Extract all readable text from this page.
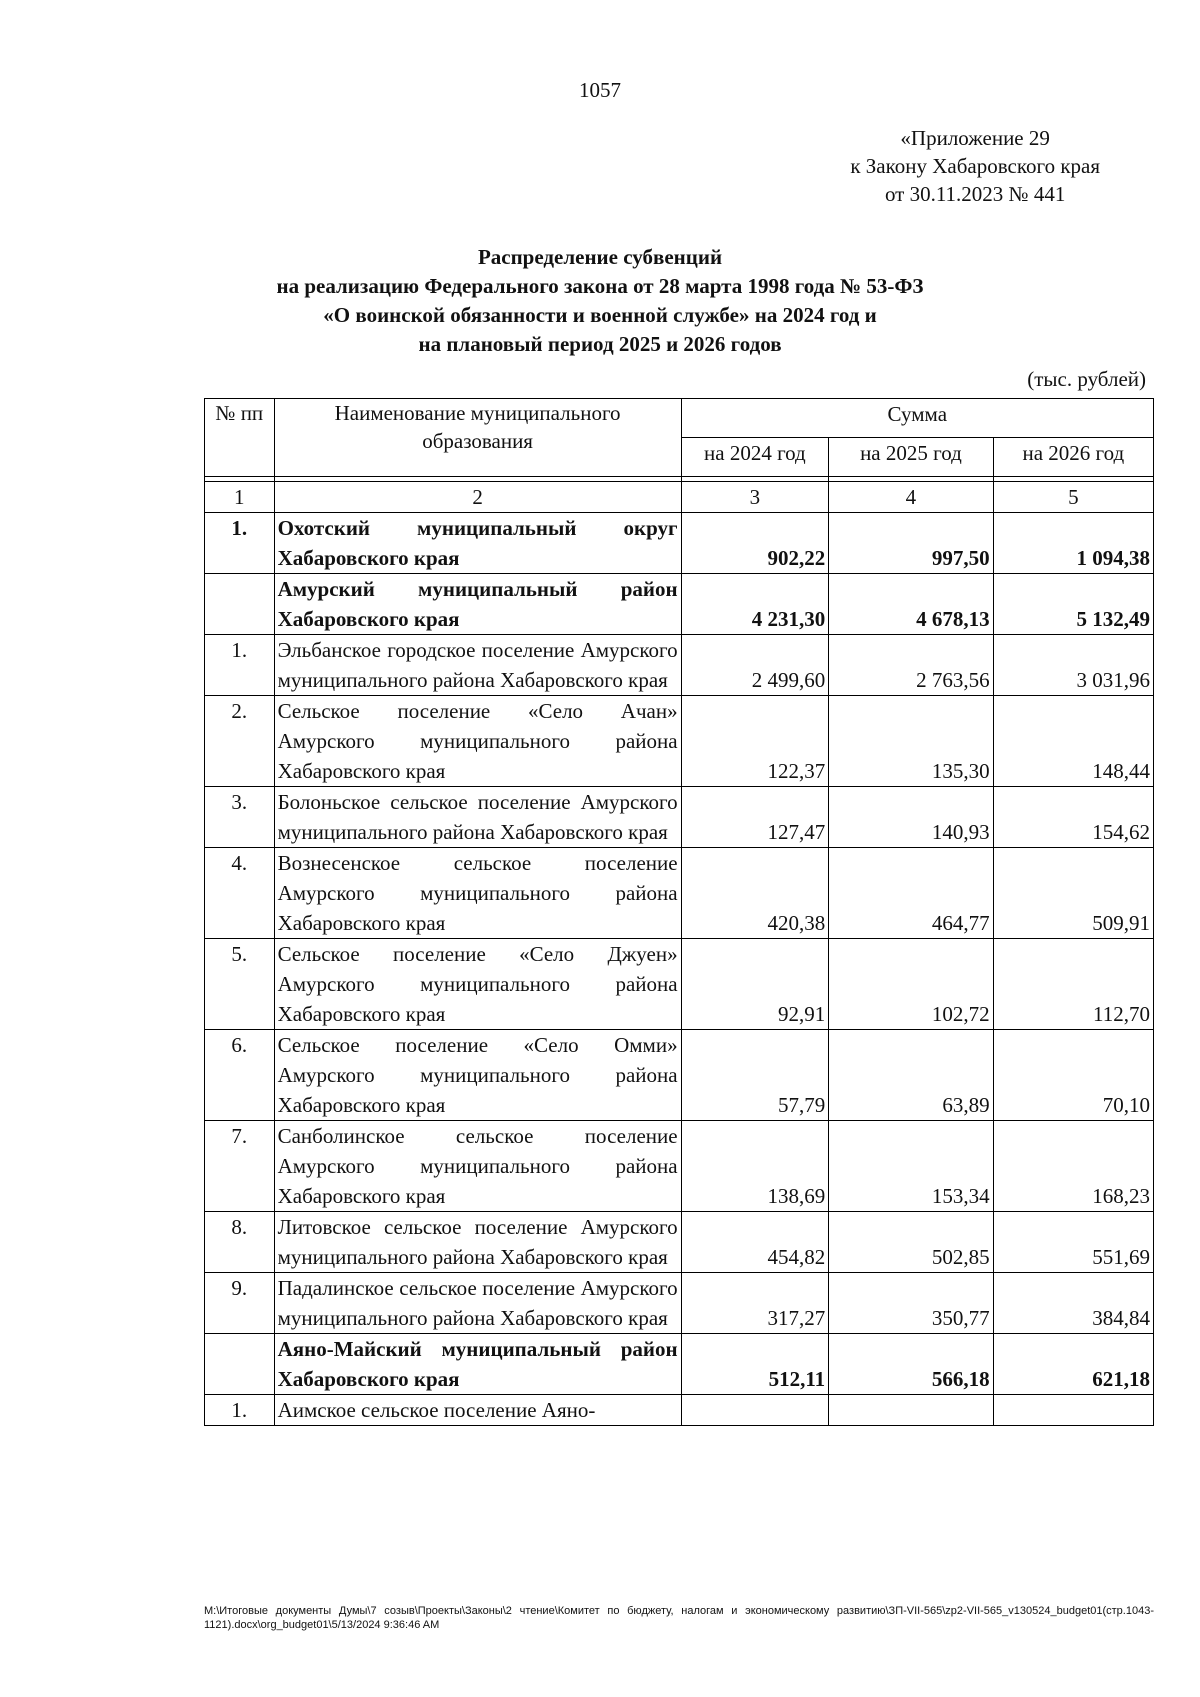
1057
«Приложение 29
к Закону Хабаровского края
от 30.11.2023 № 441
Распределение субвенций
на реализацию Федерального закона от 28 марта 1998 года № 53-ФЗ
«О воинской обязанности и военной службе» на 2024 год и
на плановый период 2025 и 2026 годов
(тыс. рублей)
№ пп	Наименование муниципального образования	Сумма		
		на 2024 год	на 2025 год	на 2026 год

1	2	3	4	5
1.	Охотский муниципальный округ Хабаровского края	902,22	997,50	1 094,38
	Амурский муниципальный район Хабаровского края	4 231,30	4 678,13	5 132,49
1.	Эльбанское городское поселение Амурского муниципального района Хабаровского края	2 499,60	2 763,56	3 031,96
2.	Сельское поселение «Село Ачан» Амурского муниципального района Хабаровского края	122,37	135,30	148,44
3.	Болоньское сельское поселение Амурского муниципального района Хабаровского края	127,47	140,93	154,62
4.	Вознесенское сельское поселение Амурского муниципального района Хабаровского края	420,38	464,77	509,91
5.	Сельское поселение «Село Джуен» Амурского муниципального района Хабаровского края	92,91	102,72	112,70
6.	Сельское поселение «Село Омми» Амурского муниципального района Хабаровского края	57,79	63,89	70,10
7.	Санболинское сельское поселение Амурского муниципального района Хабаровского края	138,69	153,34	168,23
8.	Литовское сельское поселение Амурского муниципального района Хабаровского края	454,82	502,85	551,69
9.	Падалинское сельское поселение Амурского муниципального района Хабаровского края	317,27	350,77	384,84
	Аяно-Майский муниципальный район Хабаровского края	512,11	566,18	621,18
1.	Аимское сельское поселение Аяно-			
M:\Итоговые документы Думы\7 созыв\Проекты\Законы\2 чтение\Комитет по бюджету, налогам и экономическому развитию\ЗП-VII-565\zp2-VII-565_v130524_budget01(стр.1043-1121).docx\org_budget01\5/13/2024 9:36:46 AM
